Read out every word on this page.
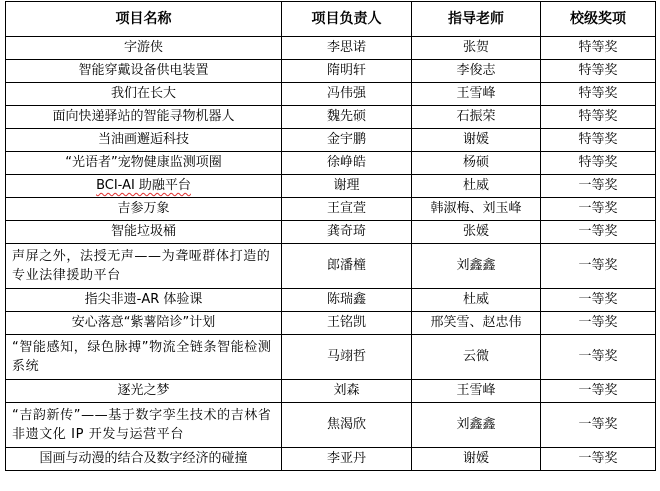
项目名称	项目负责人	指导老师	校级奖项
字游侠	李思诺	张贺	特等奖
智能穿戴设备供电装置	隋明轩	李俊志	特等奖
我们在长大	冯伟强	王雪峰	特等奖
面向快递驿站的智能寻物机器人	魏先硕	石振荣	特等奖
当油画邂逅科技	金宇鹏	谢媛	特等奖
“光语者”宠物健康监测项圈	徐峥皓	杨硕	特等奖
BCI-AI 助融平台	谢理	杜威	一等奖
吉参万象	王宣萱	韩淑梅、刘玉峰	一等奖
智能垃圾桶	龚奇琦	张媛	一等奖
声屏之外，法授无声——为聋哑群体打造的专业法律援助平台	郎潘橦	刘鑫鑫	一等奖
指尖非遗-AR 体验课	陈瑞鑫	杜威	一等奖
安心落意“紫薯陪诊”计划	王铭凯	邢笑雪、赵忠伟	一等奖
“智能感知，绿色脉搏”物流全链条智能检测系统	马翊哲	云微	一等奖
逐光之梦	刘森	王雪峰	一等奖
“吉韵新传”——基于数字孪生技术的吉林省非遗文化 IP 开发与运营平台	焦渴欣	刘鑫鑫	一等奖
国画与动漫的结合及数字经济的碰撞	李亚丹	谢媛	一等奖
